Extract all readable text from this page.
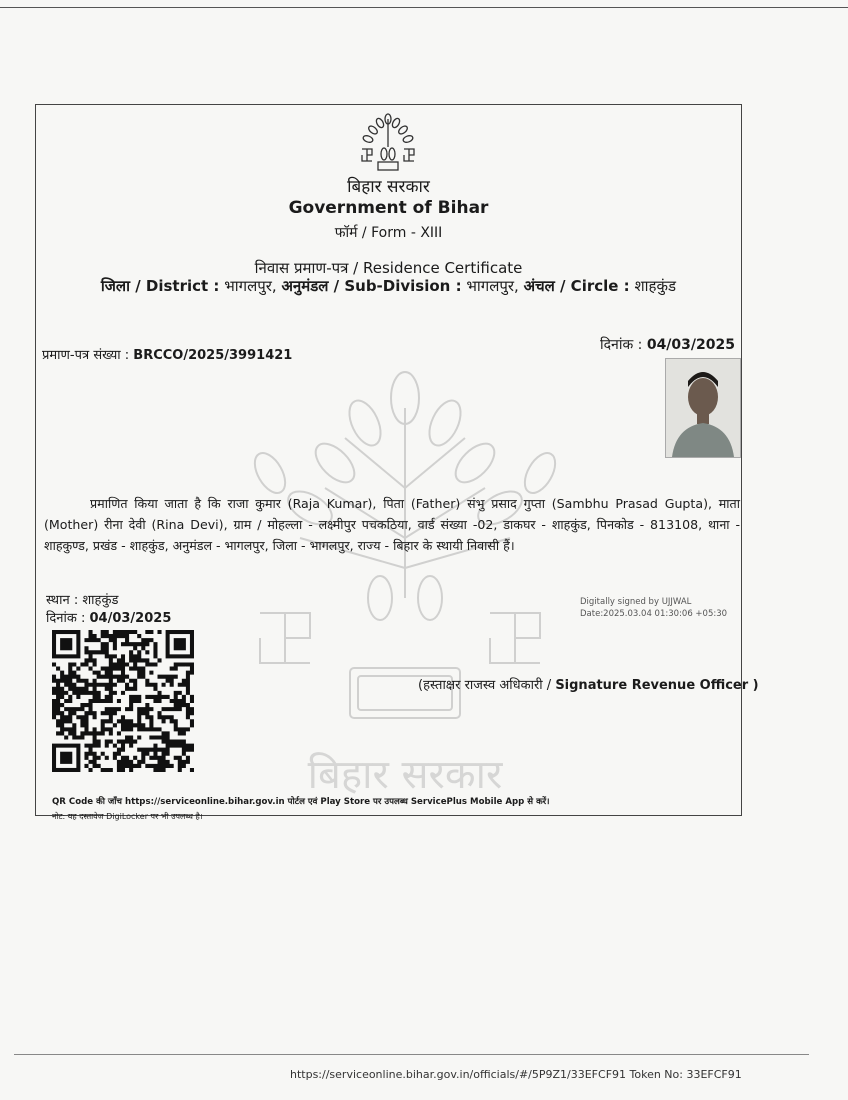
बिहार सरकार
बिहार सरकार
Government of Bihar
फॉर्म / Form - XIII
निवास प्रमाण-पत्र / Residence Certificate
जिला / District : भागलपुर, अनुमंडल / Sub-Division : भागलपुर, अंचल / Circle : शाहकुंड
प्रमाण-पत्र संख्या : BRCCO/2025/3991421
दिनांक : 04/03/2025
प्रमाणित किया जाता है कि राजा कुमार (Raja Kumar), पिता (Father) संभु प्रसाद गुप्ता (Sambhu Prasad Gupta), माता (Mother) रीना देवी (Rina Devi), ग्राम / मोहल्ला - लक्ष्मीपुर पचकठिया, वार्ड संख्या -02, डाकघर - शाहकुंड, पिनकोड - 813108, थाना - शाहकुण्ड, प्रखंड - शाहकुंड, अनुमंडल - भागलपुर, जिला - भागलपुर, राज्य - बिहार के स्थायी निवासी हैं।
स्थान : शाहकुंड
दिनांक : 04/03/2025
Digitally signed by UJJWAL
Date:2025.03.04 01:30:06 +05:30
(हस्ताक्षर राजस्व अधिकारी / Signature Revenue Officer )
QR Code की जाँच https://serviceonline.bihar.gov.in पोर्टल एवं Play Store पर उपलब्ध ServicePlus Mobile App से करें।
नोट: यह दस्तावेज DigiLocker पर भी उपलब्ध है।
https://serviceonline.bihar.gov.in/officials/#/5P9Z1/33EFCF91 Token No: 33EFCF91
